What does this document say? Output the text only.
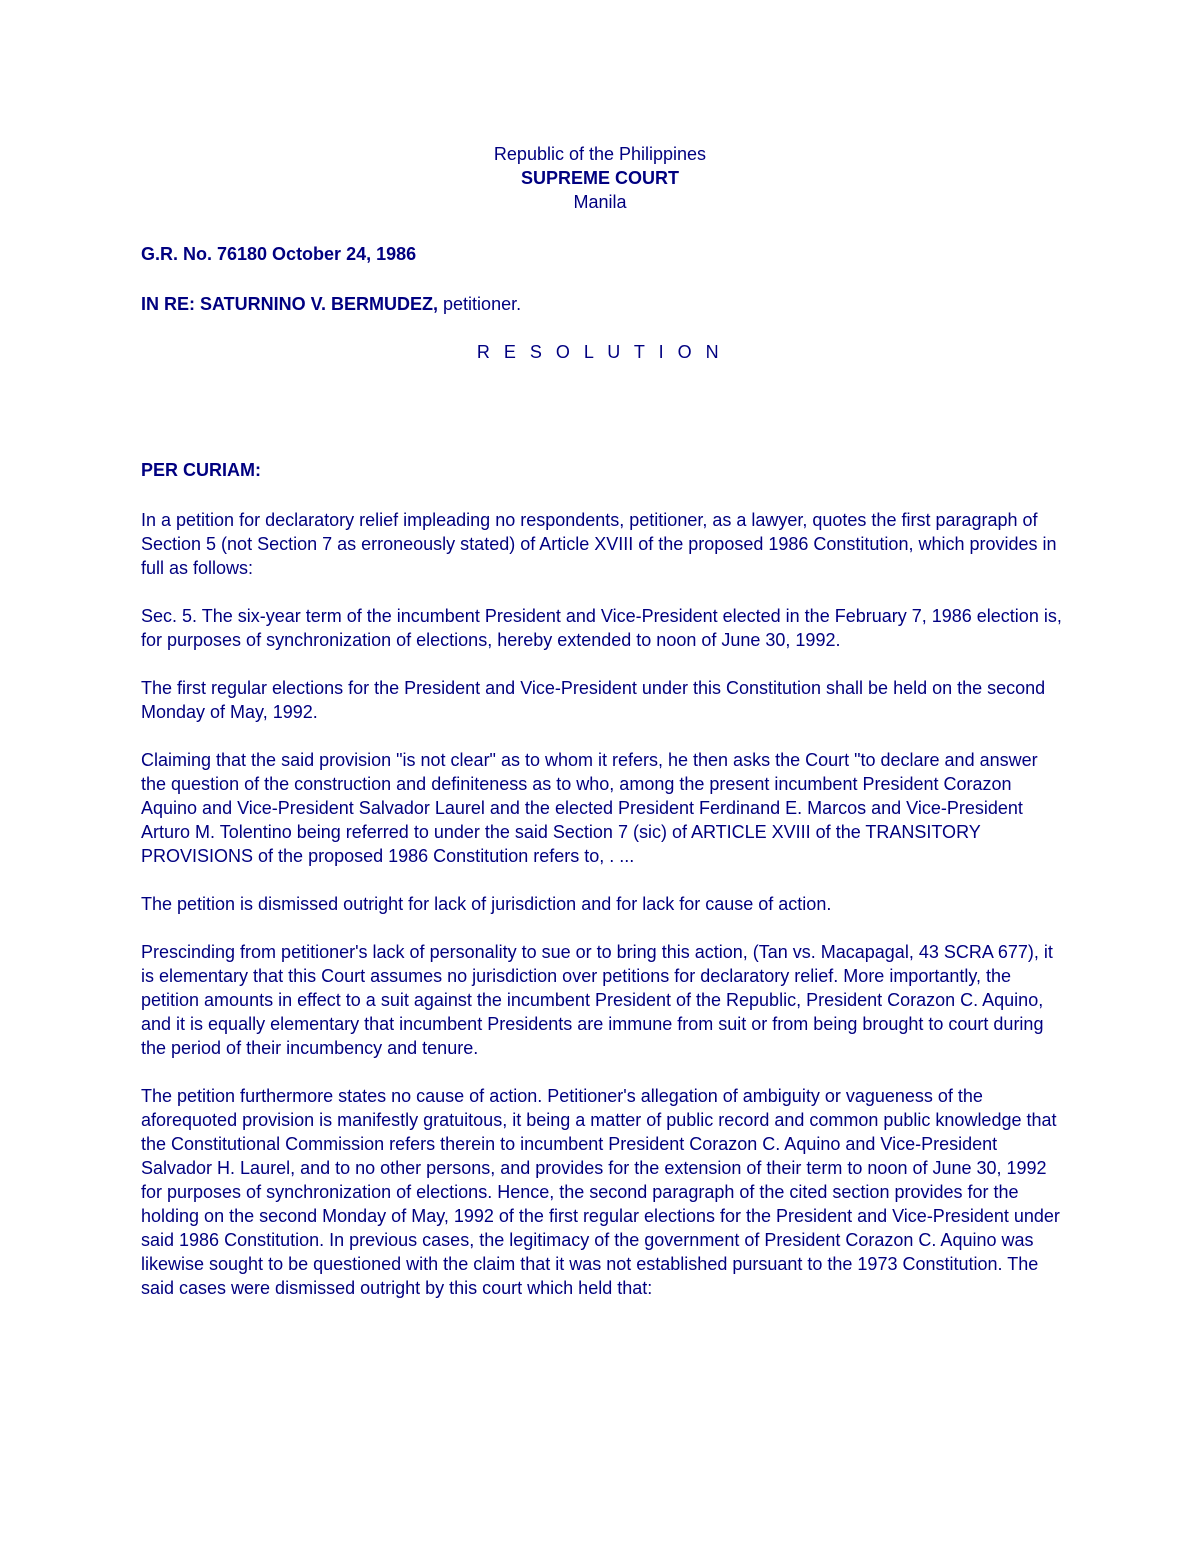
Republic of the Philippines

SUPREME COURT

Manila

G.R. No. 76180 October 24, 1986

IN RE: SATURNINO V. BERMUDEZ, petitioner.

R E S O L U T I O N

PER CURIAM:

In a petition for declaratory relief impleading no respondents, petitioner, as a lawyer, quotes the first paragraph of Section 5 (not Section 7 as erroneously stated) of Article XVIII of the proposed 1986 Constitution, which provides in full as follows:

Sec. 5. The six-year term of the incumbent President and Vice-President elected in the February 7, 1986 election is, for purposes of synchronization of elections, hereby extended to noon of June 30, 1992.

The first regular elections for the President and Vice-President under this Constitution shall be held on the second Monday of May, 1992.

Claiming that the said provision "is not clear" as to whom it refers, he then asks the Court "to declare and answer the question of the construction and definiteness as to who, among the present incumbent President Corazon Aquino and Vice-President Salvador Laurel and the elected President Ferdinand E. Marcos and Vice-President Arturo M. Tolentino being referred to under the said Section 7 (sic) of ARTICLE XVIII of the TRANSITORY PROVISIONS of the proposed 1986 Constitution refers to, . ...

The petition is dismissed outright for lack of jurisdiction and for lack for cause of action.

Prescinding from petitioner's lack of personality to sue or to bring this action, (Tan vs. Macapagal, 43 SCRA 677), it is elementary that this Court assumes no jurisdiction over petitions for declaratory relief. More importantly, the petition amounts in effect to a suit against the incumbent President of the Republic, President Corazon C. Aquino, and it is equally elementary that incumbent Presidents are immune from suit or from being brought to court during the period of their incumbency and tenure.

The petition furthermore states no cause of action. Petitioner's allegation of ambiguity or vagueness of the aforequoted provision is manifestly gratuitous, it being a matter of public record and common public knowledge that the Constitutional Commission refers therein to incumbent President Corazon C. Aquino and Vice-President Salvador H. Laurel, and to no other persons, and provides for the extension of their term to noon of June 30, 1992 for purposes of synchronization of elections. Hence, the second paragraph of the cited section provides for the holding on the second Monday of May, 1992 of the first regular elections for the President and Vice-President under said 1986 Constitution. In previous cases, the legitimacy of the government of President Corazon C. Aquino was likewise sought to be questioned with the claim that it was not established pursuant to the 1973 Constitution. The said cases were dismissed outright by this court which held that:
